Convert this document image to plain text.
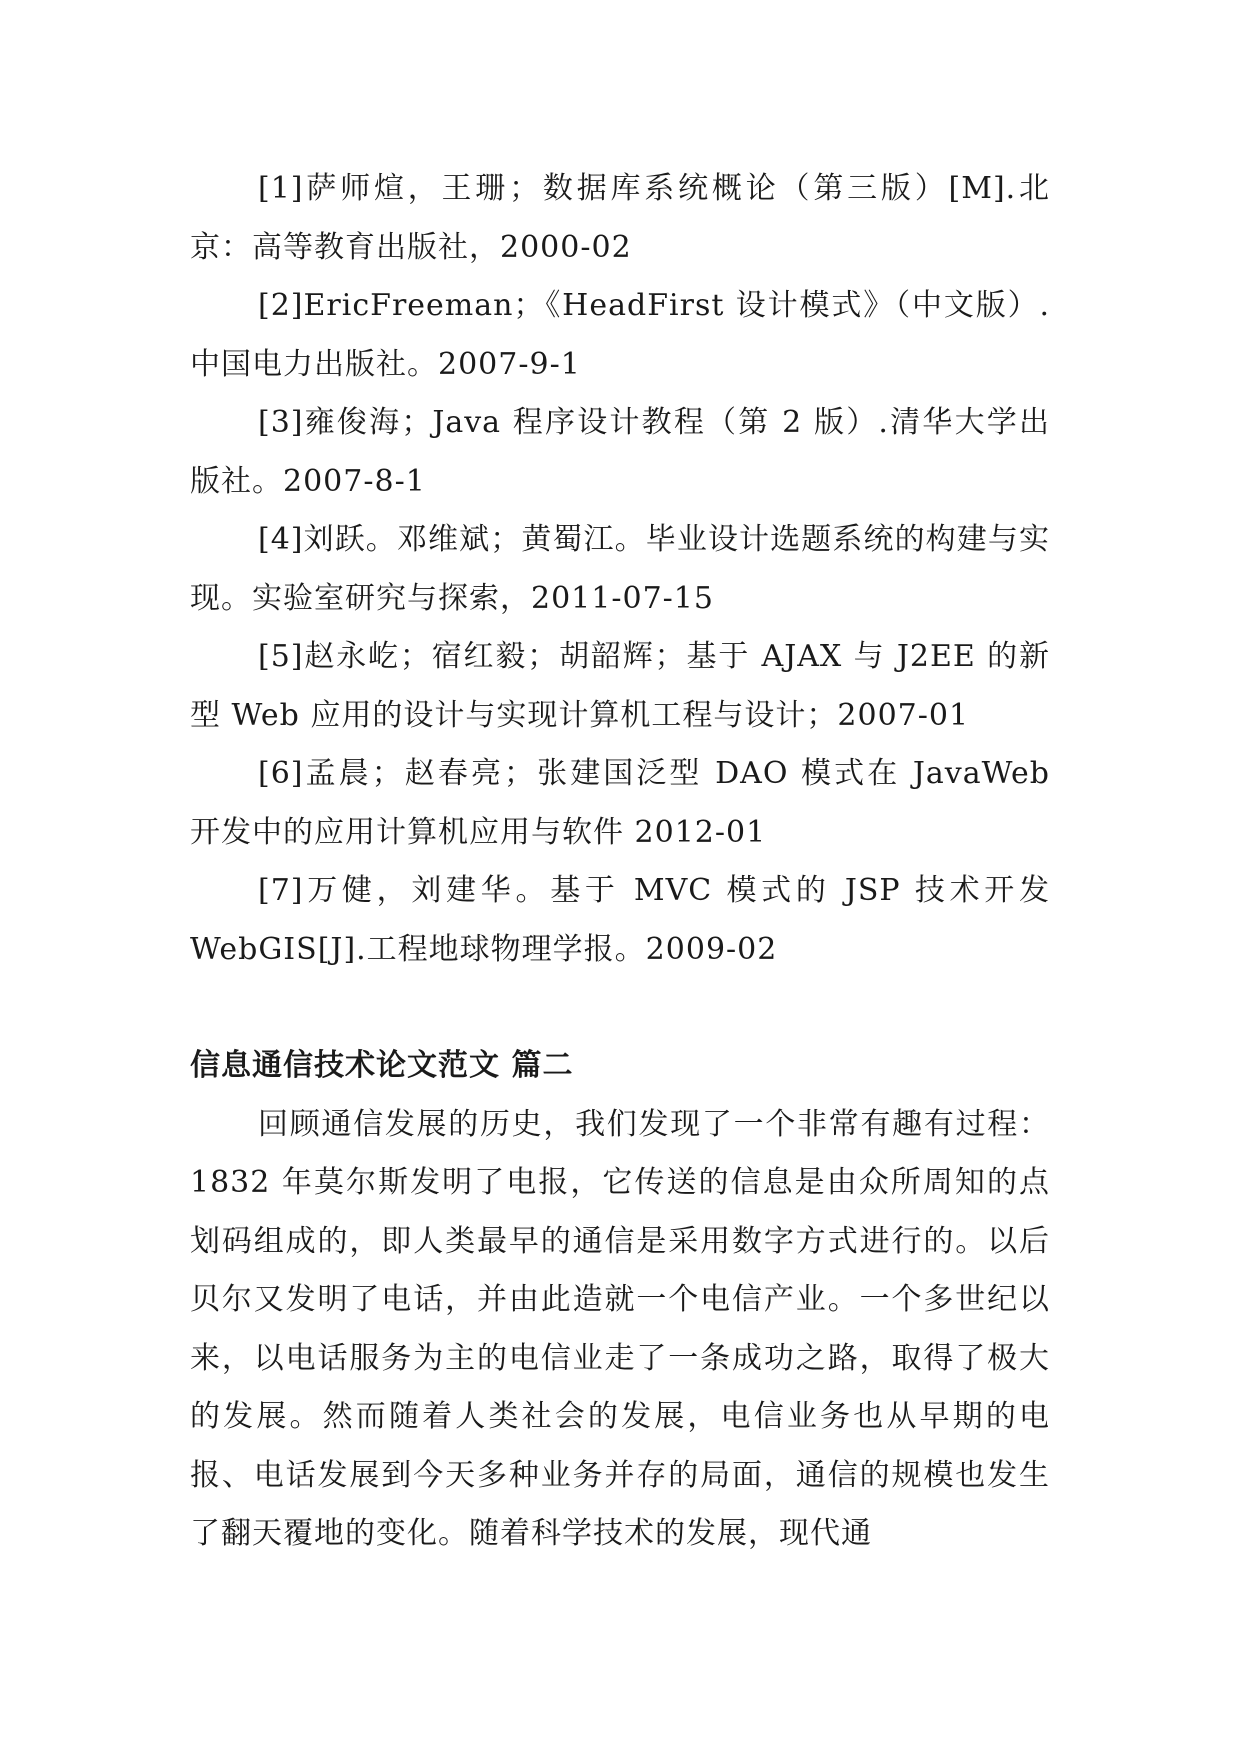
[1]萨师煊，王珊；数据库系统概论（第三版）[M].北京：高等教育出版社，2000-02

[2]EricFreeman；《HeadFirst 设计模式》（中文版）.中国电力出版社。2007-9-1

[3]雍俊海；Java 程序设计教程（第 2 版）.清华大学出版社。2007-8-1

[4]刘跃。邓维斌；黄蜀江。毕业设计选题系统的构建与实现。实验室研究与探索，2011-07-15

[5]赵永屹；宿红毅；胡韶辉；基于 AJAX 与 J2EE 的新型 Web 应用的设计与实现计算机工程与设计；2007-01

[6]孟晨；赵春亮；张建国泛型 DAO 模式在 JavaWeb 开发中的应用计算机应用与软件 2012-01

[7]万健，刘建华。基于 MVC 模式的 JSP 技术开发 WebGIS[J].工程地球物理学报。2009-02

信息通信技术论文范文 篇二

回顾通信发展的历史，我们发现了一个非常有趣有过程：1832 年莫尔斯发明了电报，它传送的信息是由众所周知的点划码组成的，即人类最早的通信是采用数字方式进行的。以后贝尔又发明了电话，并由此造就一个电信产业。一个多世纪以来，以电话服务为主的电信业走了一条成功之路，取得了极大的发展。然而随着人类社会的发展，电信业务也从早期的电报、电话发展到今天多种业务并存的局面，通信的规模也发生了翻天覆地的变化。随着科学技术的发展，现代通
